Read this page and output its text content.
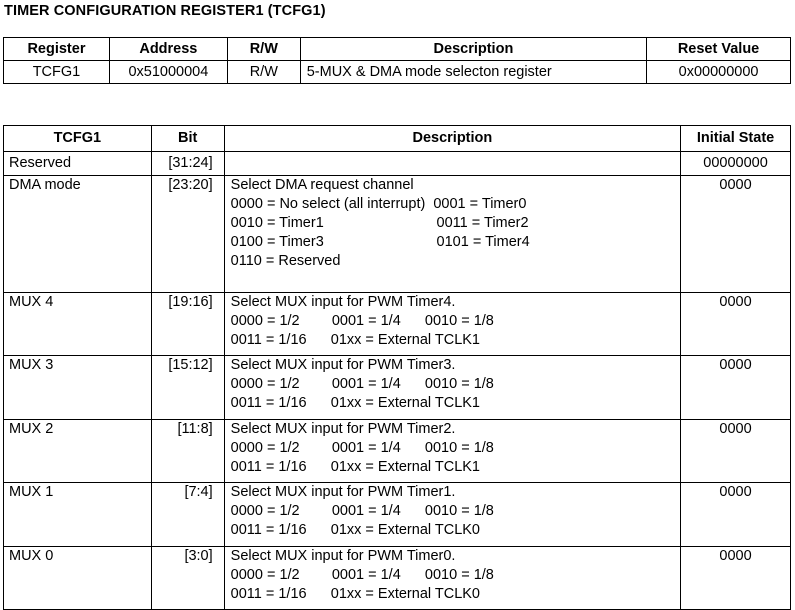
TIMER CONFIGURATION REGISTER1 (TCFG1)
Register	Address	R/W	Description	Reset Value
TCFG1	0x51000004	R/W	5-MUX & DMA mode selecton register	0x00000000
TCFG1	Bit	Description	Initial State
Reserved	[31:24]		00000000
DMA mode	[23:20]	Select DMA request channel
0000 = No select (all interrupt)  0001 = Timer0
0010 = Timer1                            0011 = Timer2
0100 = Timer3                            0101 = Timer4
0110 = Reserved	0000
MUX 4	[19:16]	Select MUX input for PWM Timer4.
0000 = 1/2        0001 = 1/4      0010 = 1/8
0011 = 1/16      01xx = External TCLK1	0000
MUX 3	[15:12]	Select MUX input for PWM Timer3.
0000 = 1/2        0001 = 1/4      0010 = 1/8
0011 = 1/16      01xx = External TCLK1	0000
MUX 2	[11:8]	Select MUX input for PWM Timer2.
0000 = 1/2        0001 = 1/4      0010 = 1/8
0011 = 1/16      01xx = External TCLK1	0000
MUX 1	[7:4]	Select MUX input for PWM Timer1.
0000 = 1/2        0001 = 1/4      0010 = 1/8
0011 = 1/16      01xx = External TCLK0	0000
MUX 0	[3:0]	Select MUX input for PWM Timer0.
0000 = 1/2        0001 = 1/4      0010 = 1/8
0011 = 1/16      01xx = External TCLK0	0000
